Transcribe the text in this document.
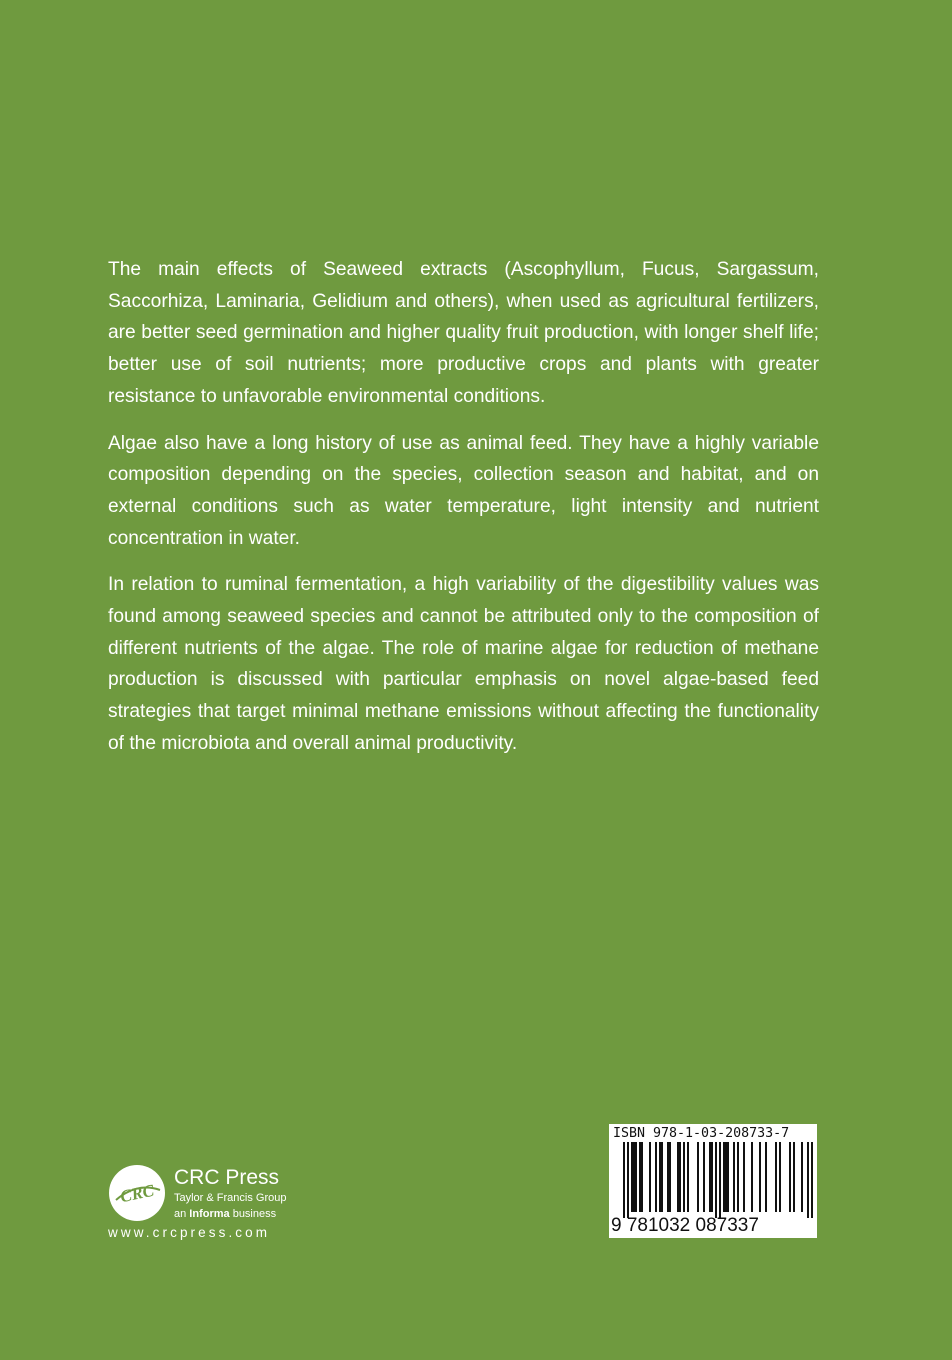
The main effects of Seaweed extracts (Ascophyllum, Fucus, Sargassum, Saccorhiza, Laminaria, Gelidium and others), when used as agricultural fertilizers, are better seed germination and higher quality fruit production, with longer shelf life; better use of soil nutrients; more productive crops and plants with greater resistance to unfavorable environmental conditions.

Algae also have a long history of use as animal feed. They have a highly variable composition depending on the species, collection season and habitat, and on external conditions such as water temperature, light intensity and nutrient concentration in water.

In relation to ruminal fermentation, a high variability of the digestibility values was found among seaweed species and cannot be attributed only to the composition of different nutrients of the algae. The role of marine algae for reduction of methane production is discussed with particular emphasis on novel algae-based feed strategies that target minimal methane emissions without affecting the functionality of the microbiota and overall animal productivity.

CRC
CRC Press
Taylor & Francis Group
an Informa business
www.crcpress.com
ISBN 978-1-03-208733-7
9 781032 087337
